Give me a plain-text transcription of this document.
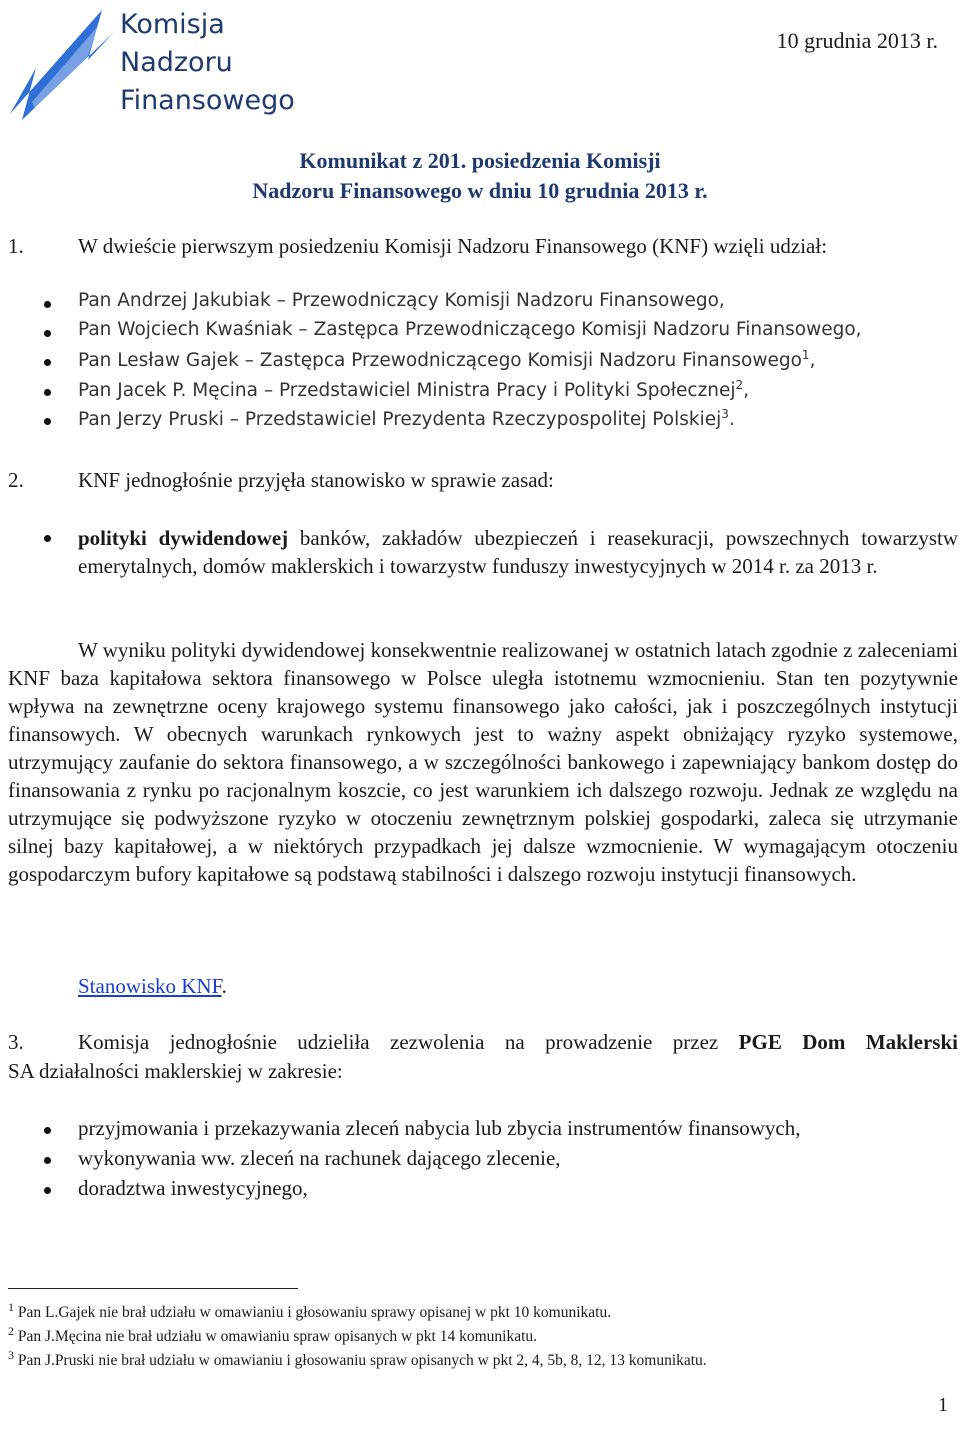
Komisja
Nadzoru
Finansowego
10 grudnia 2013 r.
Komunikat z 201. posiedzenia Komisji
Nadzoru Finansowego w dniu 10 grudnia 2013 r.
1.	W dwieście pierwszym posiedzeniu Komisji Nadzoru Finansowego (KNF) wzięli udział:
Pan Andrzej Jakubiak – Przewodniczący Komisji Nadzoru Finansowego,
Pan Wojciech Kwaśniak – Zastępca Przewodniczącego Komisji Nadzoru Finansowego,
Pan Lesław Gajek – Zastępca Przewodniczącego Komisji Nadzoru Finansowego$^1$,
Pan Jacek P. Męcina – Przedstawiciel Ministra Pracy i Polityki Społecznej$^2$,
Pan Jerzy Pruski – Przedstawiciel Prezydenta Rzeczypospolitej Polskiej$^3$.
2.	KNF jednogłośnie przyjęła stanowisko w sprawie zasad:
polityki dywidendowej banków, zakładów ubezpieczeń i reasekuracji, powszechnych towarzystw emerytalnych, domów maklerskich i towarzystw funduszy inwestycyjnych w 2014 r. za 2013 r.
W wyniku polityki dywidendowej konsekwentnie realizowanej w ostatnich latach zgodnie z zaleceniami KNF baza kapitałowa sektora finansowego w Polsce uległa istotnemu wzmocnieniu. Stan ten pozytywnie wpływa na zewnętrzne oceny krajowego systemu finansowego jako całości, jak i poszczególnych instytucji finansowych. W obecnych warunkach rynkowych jest to ważny aspekt obniżający ryzyko systemowe, utrzymujący zaufanie do sektora finansowego, a w szczególności bankowego i zapewniający bankom dostęp do finansowania z rynku po racjonalnym koszcie, co jest warunkiem ich dalszego rozwoju. Jednak ze względu na utrzymujące się podwyższone ryzyko w otoczeniu zewnętrznym polskiej gospodarki, zaleca się utrzymanie silnej bazy kapitałowej, a w niektórych przypadkach jej dalsze wzmocnienie. W wymagającym otoczeniu gospodarczym bufory kapitałowe są podstawą stabilności i dalszego rozwoju instytucji finansowych.
Stanowisko KNF.
3.	Komisja jednogłośnie udzieliła zezwolenia na prowadzenie przez PGE Dom Maklerski
SA działalności maklerskiej w zakresie:
przyjmowania i przekazywania zleceń nabycia lub zbycia instrumentów finansowych,
wykonywania ww. zleceń na rachunek dającego zlecenie,
doradztwa inwestycyjnego,
$^1$ Pan L.Gajek nie brał udziału w omawianiu i głosowaniu sprawy opisanej w pkt 10 komunikatu.
$^2$ Pan J.Męcina nie brał udziału w omawianiu spraw opisanych w pkt 14 komunikatu.
$^3$ Pan J.Pruski nie brał udziału w omawianiu i głosowaniu spraw opisanych w pkt 2, 4, 5b, 8, 12, 13 komunikatu.
1
